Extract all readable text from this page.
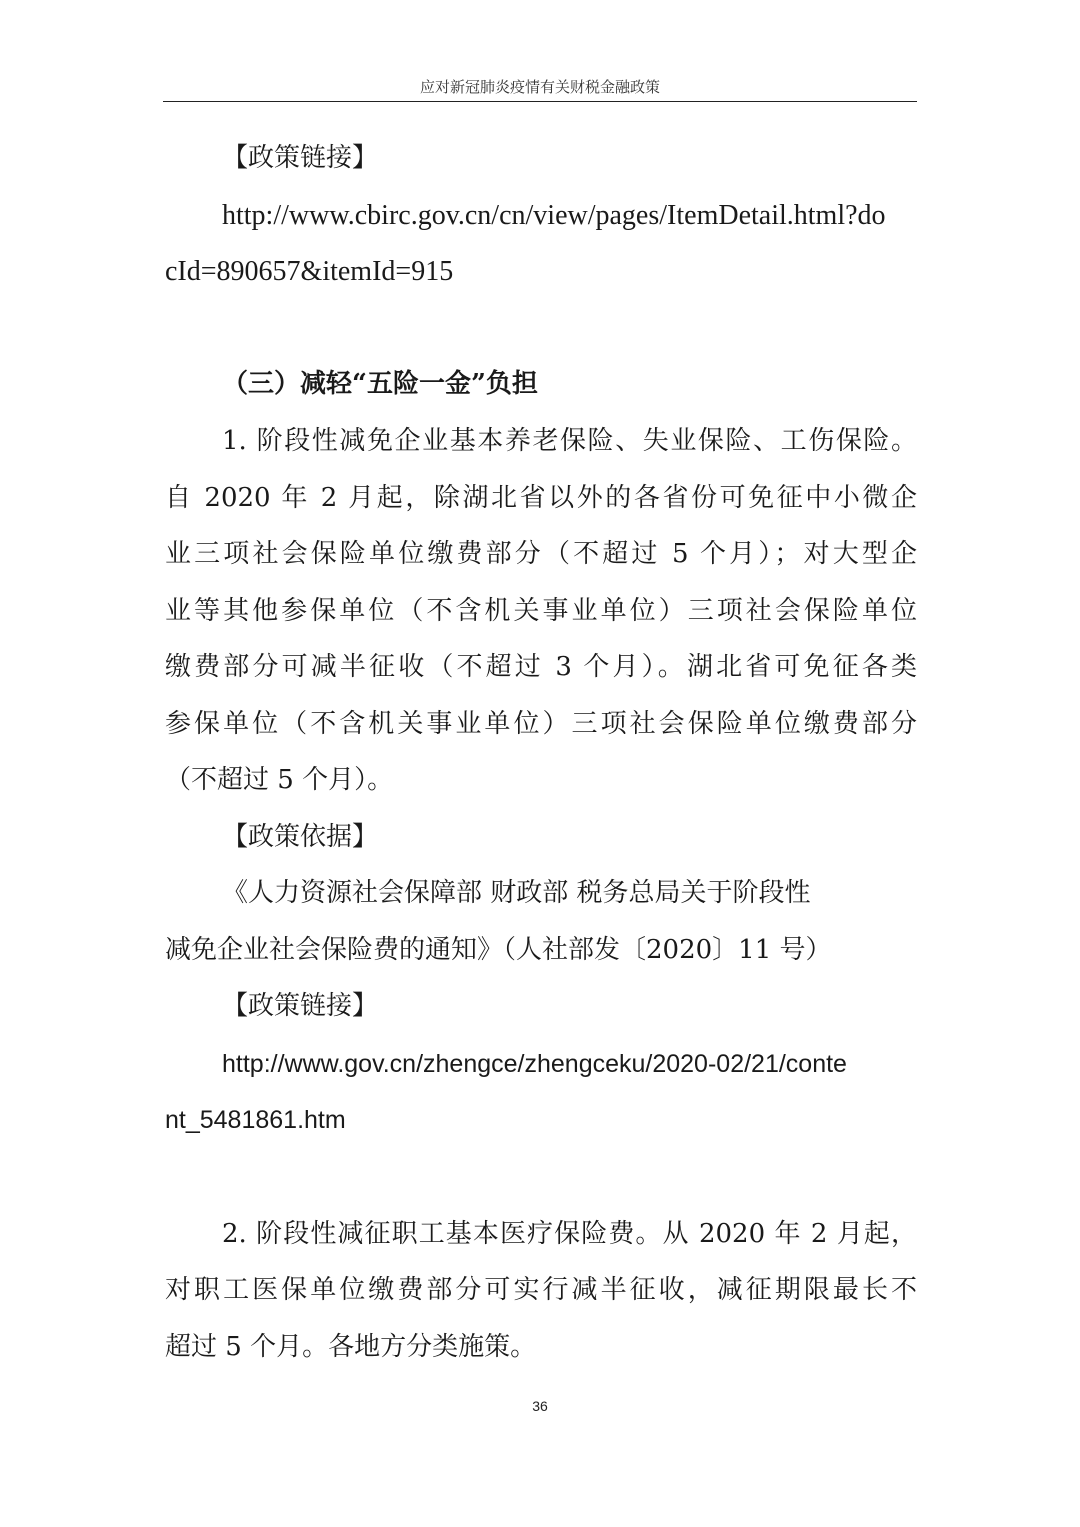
应对新冠肺炎疫情有关财税金融政策
【政策链接】
http://www.cbirc.gov.cn/cn/view/pages/ItemDetail.html?do
cId=890657&itemId=915
（三）减轻“五险一金”负担
1. 阶段性减免企业基本养老保险、失业保险、工伤保险。
自 2020 年 2 月起，除湖北省以外的各省份可免征中小微企
业三项社会保险单位缴费部分（不超过 5 个月）；对大型企
业等其他参保单位（不含机关事业单位）三项社会保险单位
缴费部分可减半征收（不超过 3 个月）。湖北省可免征各类
参保单位（不含机关事业单位）三项社会保险单位缴费部分
（不超过 5 个月）。
【政策依据】
《人力资源社会保障部 财政部 税务总局关于阶段性
减免企业社会保险费的通知》（人社部发〔2020〕11 号）
【政策链接】
http://www.gov.cn/zhengce/zhengceku/2020-02/21/conte
nt_5481861.htm
2. 阶段性减征职工基本医疗保险费。从 2020 年 2 月起，
对职工医保单位缴费部分可实行减半征收，减征期限最长不
超过 5 个月。各地方分类施策。
36
